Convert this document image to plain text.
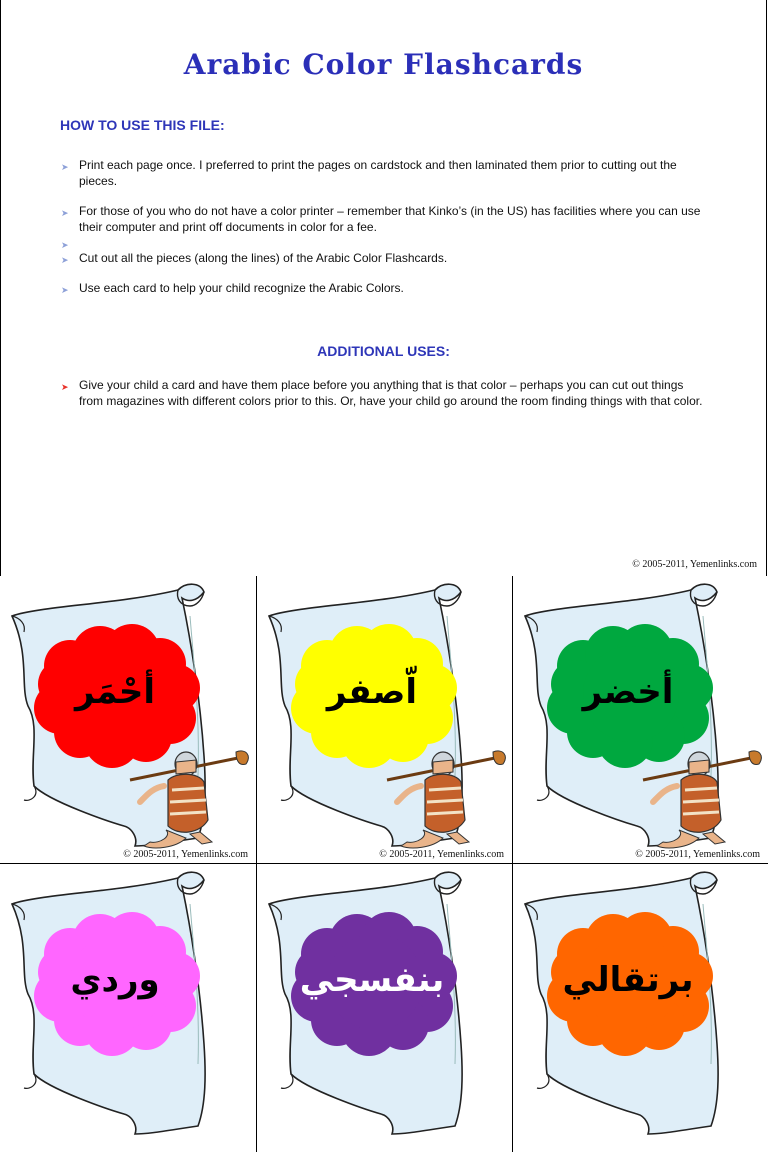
Arabic Color Flashcards
HOW TO USE THIS FILE:
➤ Print each page once. I preferred to print the pages on cardstock and then laminated them prior to cutting out the pieces.
➤ For those of you who do not have a color printer – remember that Kinko’s (in the US) has facilities where you can use their computer and print off documents in color for a fee.
➤
➤ Cut out all the pieces (along the lines) of the Arabic Color Flashcards.
➤ Use each card to help your child recognize the Arabic Colors.
ADDITIONAL USES:
➤ Give your child a card and have them place before you anything that is that color – perhaps you can cut out things from magazines with different colors prior to this. Or, have your child go around the room finding things with that color.
© 2005-2011, Yemenlinks.com
أحْمَر
© 2005-2011, Yemenlinks.com
اّصفر
© 2005-2011, Yemenlinks.com
أخضر
© 2005-2011, Yemenlinks.com
وردي	بنفسجي	برتقالي
